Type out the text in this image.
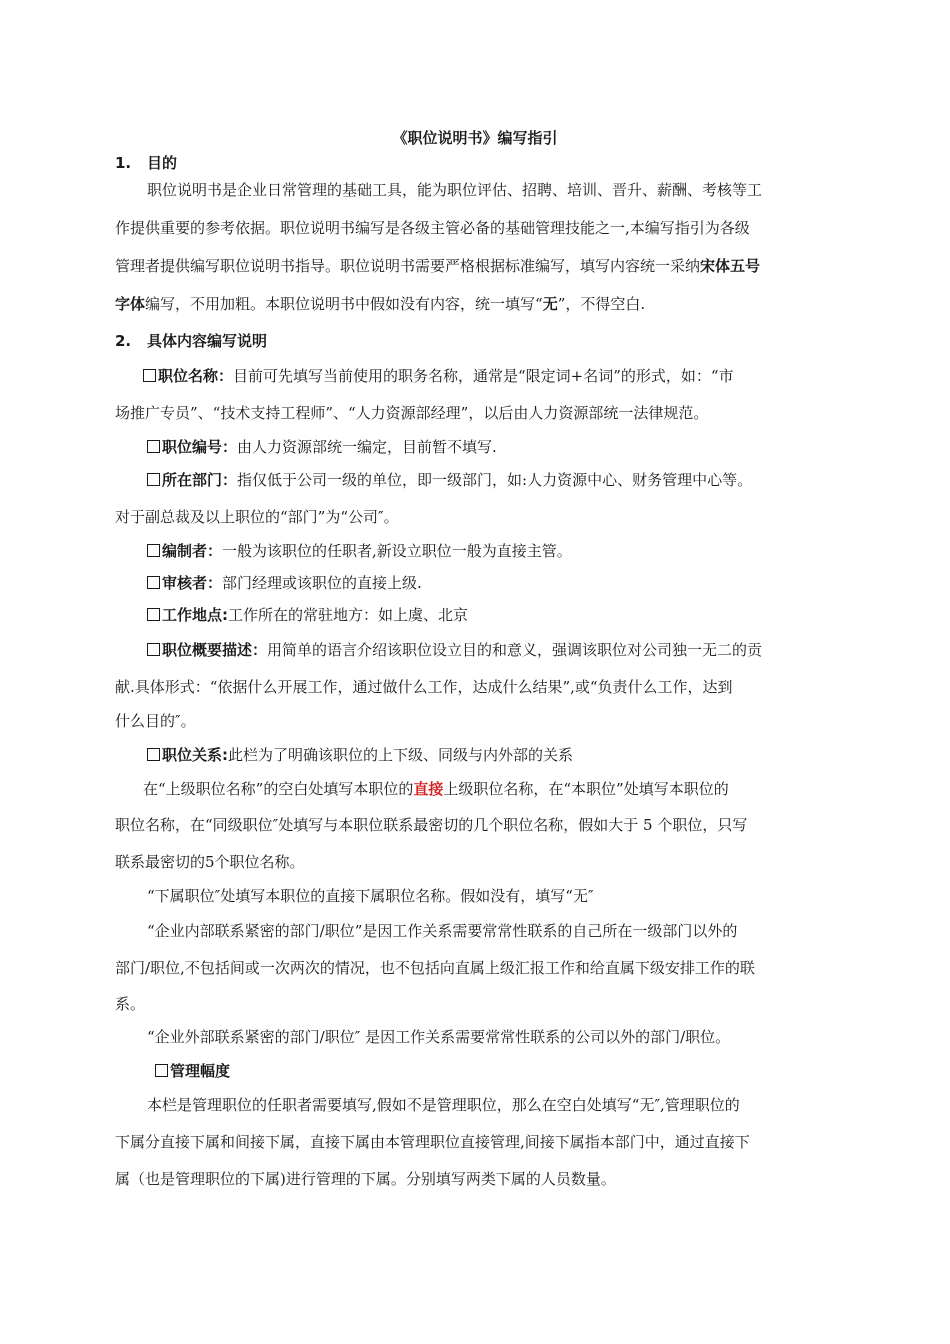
《职位说明书》编写指引
1. 目的
职位说明书是企业日常管理的基础工具，能为职位评估、招聘、培训、晋升、薪酬、考核等工
作提供重要的参考依据。职位说明书编写是各级主管必备的基础管理技能之一,本编写指引为各级
管理者提供编写职位说明书指导。职位说明书需要严格根据标准编写，填写内容统一采纳宋体五号
字体编写，不用加粗。本职位说明书中假如没有内容，统一填写“无”，不得空白.
2. 具体内容编写说明
职位名称：目前可先填写当前使用的职务名称，通常是“限定词+名词”的形式，如：“市
场推广专员”、“技术支持工程师”、“人力资源部经理”，以后由人力资源部统一法律规范。
职位编号：由人力资源部统一编定，目前暂不填写.
所在部门：指仅低于公司一级的单位，即一级部门，如:人力资源中心、财务管理中心等。
对于副总裁及以上职位的“部门”为“公司″。
编制者：一般为该职位的任职者,新设立职位一般为直接主管。
审核者：部门经理或该职位的直接上级.
工作地点:工作所在的常驻地方：如上虞、北京
职位概要描述：用简单的语言介绍该职位设立目的和意义，强调该职位对公司独一无二的贡
献.具体形式：“依据什么开展工作，通过做什么工作，达成什么结果”,或“负责什么工作，达到
什么目的″。
职位关系:此栏为了明确该职位的上下级、同级与内外部的关系
在“上级职位名称”的空白处填写本职位的直接上级职位名称，在“本职位”处填写本职位的
职位名称，在“同级职位″处填写与本职位联系最密切的几个职位名称，假如大于 5 个职位，只写
联系最密切的5个职位名称。
“下属职位″处填写本职位的直接下属职位名称。假如没有，填写“无″
“企业内部联系紧密的部门/职位”是因工作关系需要常常性联系的自己所在一级部门以外的
部门/职位,不包括间或一次两次的情况，也不包括向直属上级汇报工作和给直属下级安排工作的联
系。
“企业外部联系紧密的部门/职位″ 是因工作关系需要常常性联系的公司以外的部门/职位。
管理幅度
本栏是管理职位的任职者需要填写,假如不是管理职位，那么在空白处填写“无″,管理职位的
下属分直接下属和间接下属，直接下属由本管理职位直接管理,间接下属指本部门中，通过直接下
属（也是管理职位的下属)进行管理的下属。分别填写两类下属的人员数量。
